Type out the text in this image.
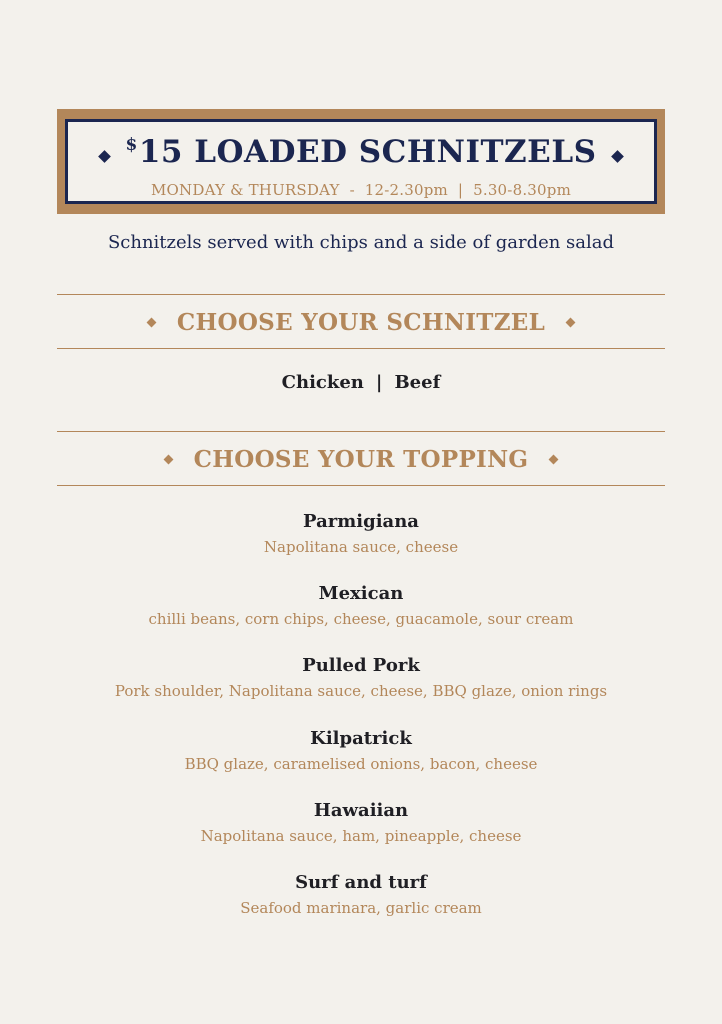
$15 LOADED SCHNITZELS
MONDAY & THURSDAY  -  12-2.30pm  |  5.30-8.30pm
Schnitzels served with chips and a side of garden salad
CHOOSE YOUR SCHNITZEL
Chicken | Beef
CHOOSE YOUR TOPPING
Parmigiana
Napolitana sauce, cheese
Mexican
chilli beans, corn chips, cheese, guacamole, sour cream
Pulled Pork
Pork shoulder, Napolitana sauce, cheese, BBQ glaze, onion rings
Kilpatrick
BBQ glaze, caramelised onions, bacon, cheese
Hawaiian
Napolitana sauce, ham, pineapple, cheese
Surf and turf
Seafood marinara, garlic cream
